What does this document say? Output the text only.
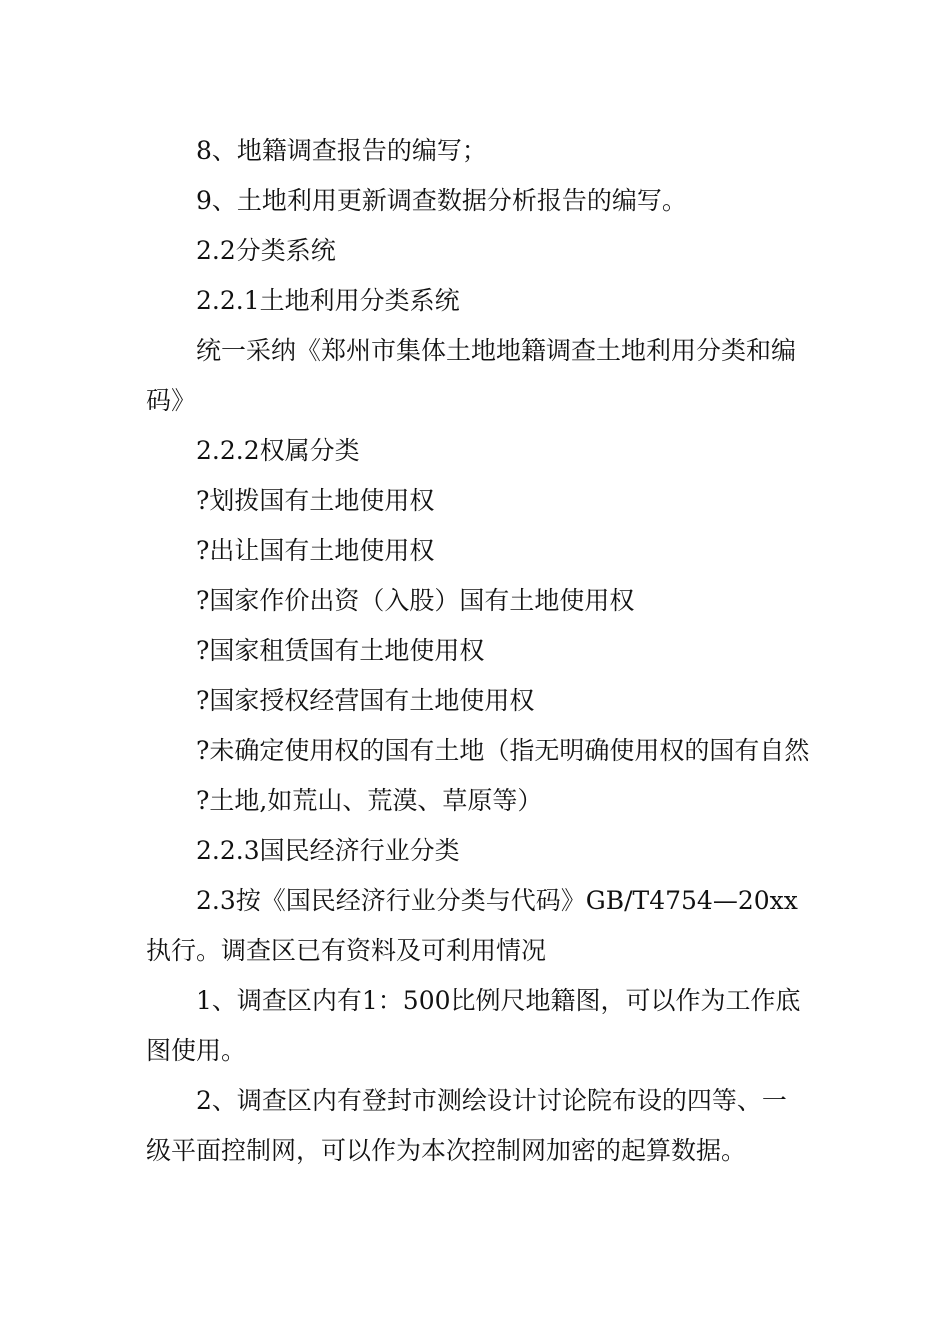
8、地籍调查报告的编写；

9、土地利用更新调查数据分析报告的编写。

2.2分类系统

2.2.1土地利用分类系统

统一采纳《郑州市集体土地地籍调查土地利用分类和编码》

2.2.2权属分类

?划拨国有土地使用权

?出让国有土地使用权

?国家作价出资（入股）国有土地使用权

?国家租赁国有土地使用权

?国家授权经营国有土地使用权

?未确定使用权的国有土地（指无明确使用权的国有自然

?土地,如荒山、荒漠、草原等）

2.2.3国民经济行业分类

2.3按《国民经济行业分类与代码》GB/T4754—20xx执行。调查区已有资料及可利用情况

1、调查区内有1：500比例尺地籍图，可以作为工作底图使用。

2、调查区内有登封市测绘设计讨论院布设的四等、一级平面控制网，可以作为本次控制网加密的起算数据。
